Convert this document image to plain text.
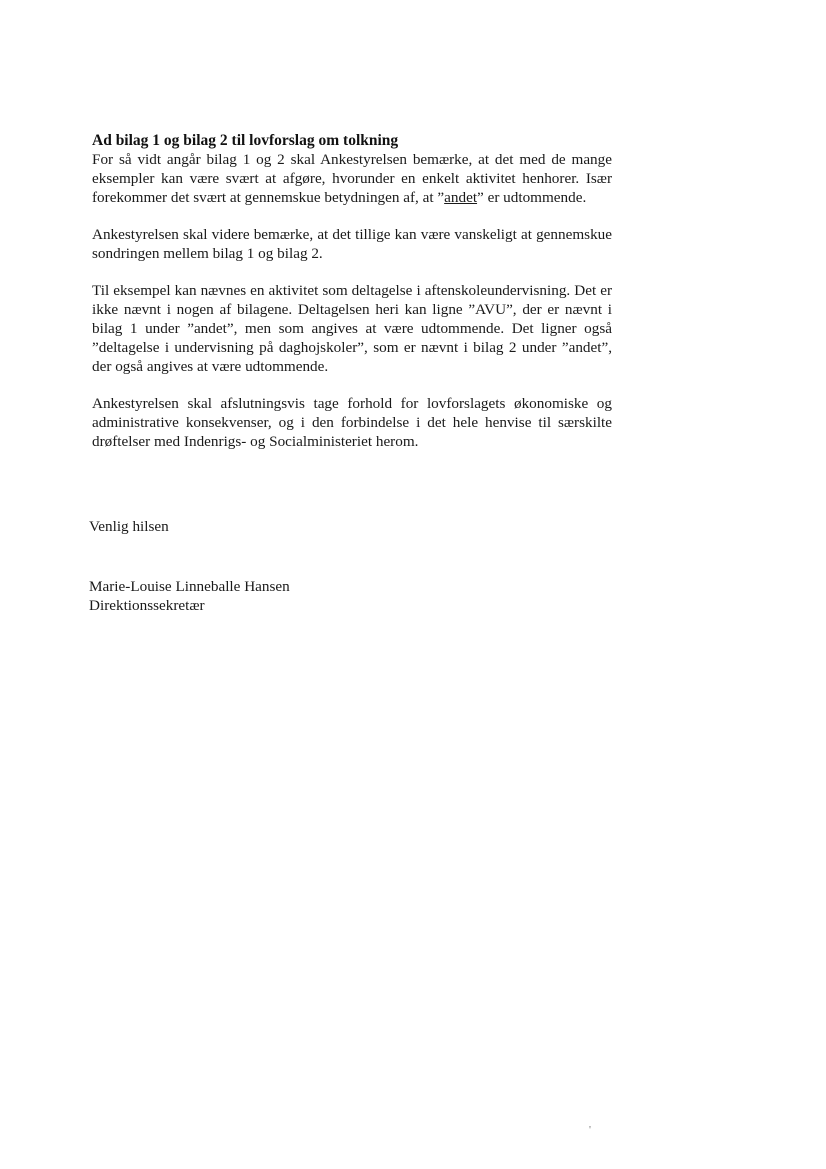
Ad bilag 1 og bilag 2 til lovforslag om tolkning

For så vidt angår bilag 1 og 2 skal Ankestyrelsen bemærke, at det med de mange eksempler kan være svært at afgøre, hvorunder en enkelt aktivitet henhorer. Især forekommer det svært at gennemskue betydningen af, at ”andet” er udtommende.

Ankestyrelsen skal videre bemærke, at det tillige kan være vanskeligt at gennemskue sondringen mellem bilag 1 og bilag 2.

Til eksempel kan nævnes en aktivitet som deltagelse i aftenskoleundervisning. Det er ikke nævnt i nogen af bilagene. Deltagelsen heri kan ligne ”AVU”, der er nævnt i bilag 1 under ”andet”, men som angives at være udtommende. Det ligner også ”deltagelse i undervisning på daghojskoler”, som er nævnt i bilag 2 under ”andet”, der også angives at være udtommende.

Ankestyrelsen skal afslutningsvis tage forhold for lovforslagets økonomiske og administrative konsekvenser, og i den forbindelse i det hele henvise til særskilte drøftelser med Indenrigs- og Socialministeriet herom.

Venlig hilsen

Marie-Louise Linneballe Hansen
Direktionssekretær
'
